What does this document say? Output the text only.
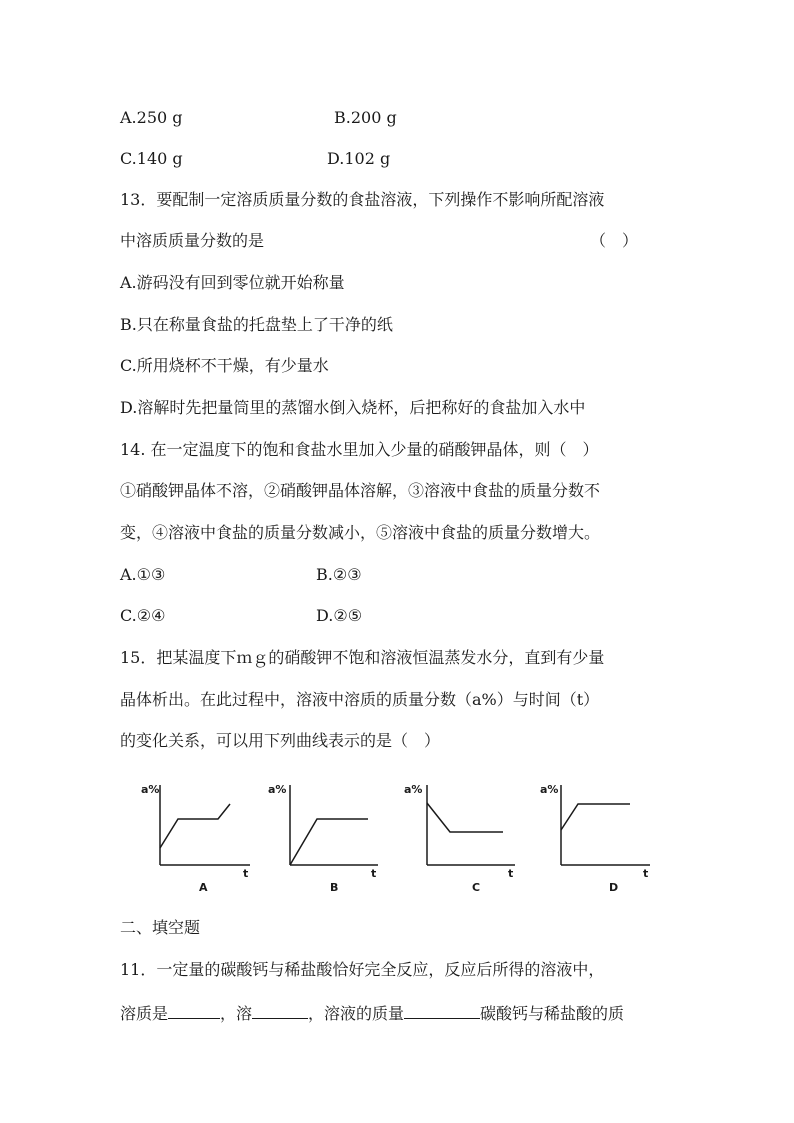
A.250 g	B.200 g
C.140 g	D.102 g
13．要配制一定溶质质量分数的食盐溶液，下列操作不影响所配溶液
中溶质质量分数的是	（　）
A.游码没有回到零位就开始称量
B.只在称量食盐的托盘垫上了干净的纸
C.所用烧杯不干燥，有少量水
D.溶解时先把量筒里的蒸馏水倒入烧杯，后把称好的食盐加入水中
14. 在一定温度下的饱和食盐水里加入少量的硝酸钾晶体，则（　）
①硝酸钾晶体不溶，②硝酸钾晶体溶解，③溶液中食盐的质量分数不
变，④溶液中食盐的质量分数减小，⑤溶液中食盐的质量分数增大。
A.①③	B.②③
C.②④	D.②⑤
15．把某温度下ｍｇ的硝酸钾不饱和溶液恒温蒸发水分，直到有少量
晶体析出。在此过程中，溶液中溶质的质量分数（a%）与时间（t）
的变化关系，可以用下列曲线表示的是（　）
a%
t
A
a%
t
B
a%
t
C
a%
t
D
二、填空题
11．一定量的碳酸钙与稀盐酸恰好完全反应，反应后所得的溶液中，
溶质是	，溶	，溶液的质量	碳酸钙与稀盐酸的质
